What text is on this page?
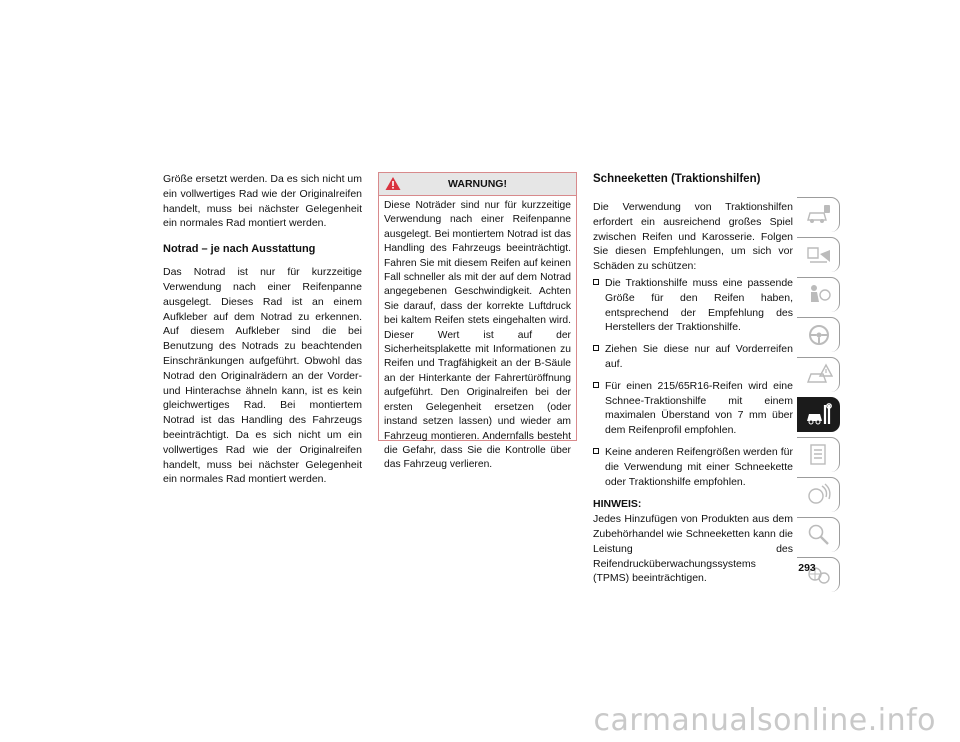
Größe ersetzt werden. Da es sich nicht um ein vollwertiges Rad wie der Originalreifen handelt, muss bei nächster Gelegenheit ein normales Rad montiert werden.

Notrad – je nach Ausstattung

Das Notrad ist nur für kurzzeitige Verwendung nach einer Reifenpanne ausgelegt. Dieses Rad ist an einem Aufkleber auf dem Notrad zu erkennen. Auf diesem Aufkleber sind die bei Benutzung des Notrads zu beachtenden Einschränkungen aufgeführt. Obwohl das Notrad den Originalrädern an der Vorder- und Hinterachse ähneln kann, ist es kein gleichwertiges Rad. Bei montiertem Notrad ist das Handling des Fahrzeugs beeinträchtigt. Da es sich nicht um ein vollwertiges Rad wie der Originalreifen handelt, muss bei nächster Gelegenheit ein normales Rad montiert werden.

WARNUNG!
Diese Noträder sind nur für kurzzeitige Verwendung nach einer Reifenpanne ausgelegt. Bei montiertem Notrad ist das Handling des Fahrzeugs beeinträchtigt. Fahren Sie mit diesem Reifen auf keinen Fall schneller als mit der auf dem Notrad angegebenen Geschwindigkeit. Achten Sie darauf, dass der korrekte Luftdruck bei kaltem Reifen stets eingehalten wird. Dieser Wert ist auf der Sicherheitsplakette mit Informationen zu Reifen und Tragfähigkeit an der B-Säule an der Hinterkante der Fahrertüröffnung aufgeführt. Den Originalreifen bei der ersten Gelegenheit ersetzen (oder instand setzen lassen) und wieder am Fahrzeug montieren. Andernfalls besteht die Gefahr, dass Sie die Kontrolle über das Fahrzeug verlieren.
Schneeketten (Traktionshilfen)

Die Verwendung von Traktionshilfen erfordert ein ausreichend großes Spiel zwischen Reifen und Karosserie. Folgen Sie diesen Empfehlungen, um sich vor Schäden zu schützen:

Die Traktionshilfe muss eine passende Größe für den Reifen haben, entsprechend der Empfehlung des Herstellers der Traktionshilfe.
Ziehen Sie diese nur auf Vorderreifen auf.
Für einen 215/65R16-Reifen wird eine Schnee-Traktionshilfe mit einem maximalen Überstand von 7 mm über dem Reifenprofil empfohlen.
Keine anderen Reifengrößen werden für die Verwendung mit einer Schneekette oder Traktionshilfe empfohlen.
HINWEIS:

Jedes Hinzufügen von Produkten aus dem Zubehörhandel wie Schneeketten kann die Leistung des Reifendrucküberwachungssystems (TPMS) beeinträchtigen.

293
carmanualsonline.info
